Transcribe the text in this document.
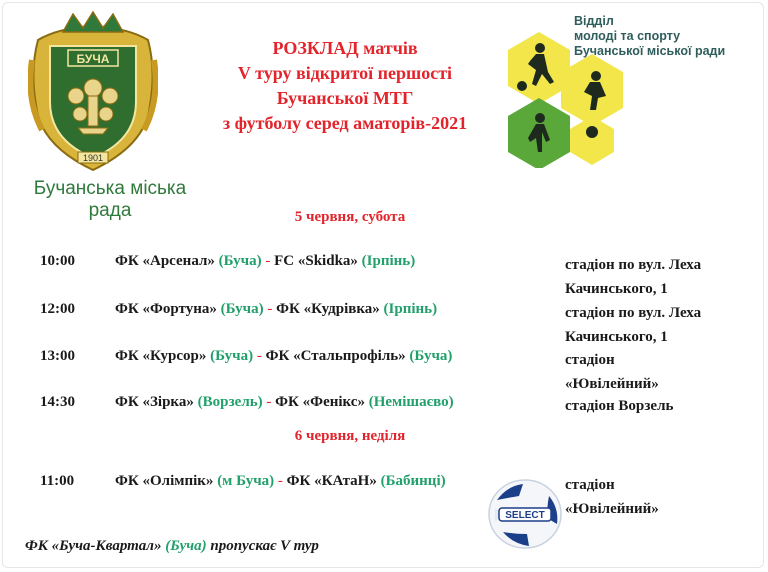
БУЧА
1901
Бучанська міська
рада
РОЗКЛАД матчів
V туру відкритої першості
Бучанської МТГ
з футболу серед аматорів-2021
Відділ
молоді та спорту
Бучанської міської ради
5 червня, субота
10:00	ФК «Арсенал» (Буча) - FC «Skidka» (Ірпінь)	стадіон по вул. Леха
Качинського, 1
12:00	ФК «Фортуна» (Буча) - ФК «Кудрівка» (Ірпінь)	стадіон по вул. Леха
Качинського, 1
13:00	ФК «Курсор» (Буча) - ФК «Стальпрофіль» (Буча)	стадіон
«Ювілейний»
14:30	ФК «Зірка» (Ворзель) - ФК «Фенікс» (Немішаєво)	стадіон Ворзель
6 червня, неділя
11:00	ФК «Олімпік» (м Буча) - ФК «КАтаН» (Бабинці)	стадіон
«Ювілейний»
SELECT
ФК «Буча-Квартал» (Буча) пропускає V тур
